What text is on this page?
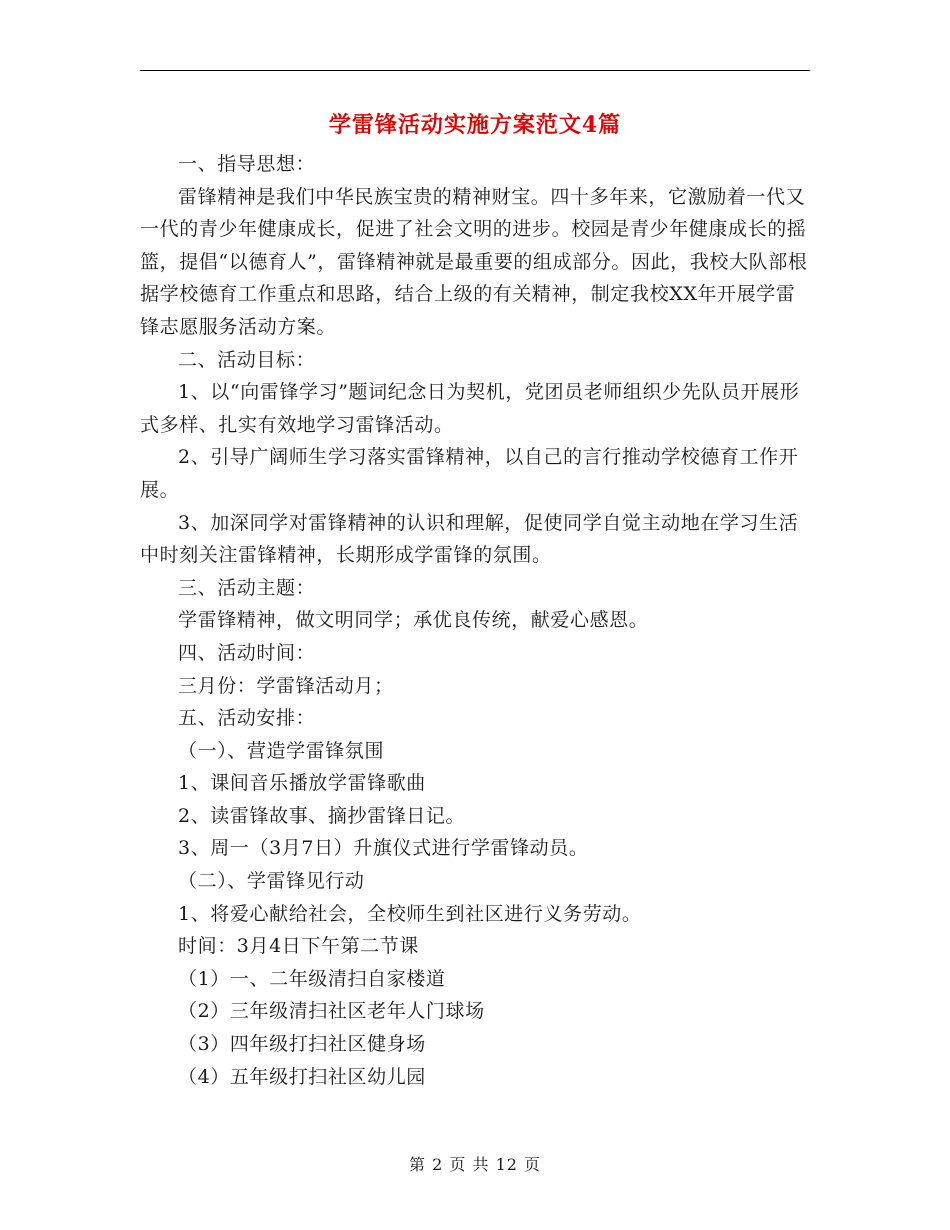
学雷锋活动实施方案范文4篇

一、指导思想：

雷锋精神是我们中华民族宝贵的精神财宝。四十多年来，它激励着一代又一代的青少年健康成长，促进了社会文明的进步。校园是青少年健康成长的摇篮，提倡“以德育人”，雷锋精神就是最重要的组成部分。因此，我校大队部根据学校德育工作重点和思路，结合上级的有关精神，制定我校XX年开展学雷锋志愿服务活动方案。

二、活动目标：

1、以“向雷锋学习”题词纪念日为契机，党团员老师组织少先队员开展形式多样、扎实有效地学习雷锋活动。

2、引导广阔师生学习落实雷锋精神，以自己的言行推动学校德育工作开展。

3、加深同学对雷锋精神的认识和理解，促使同学自觉主动地在学习生活中时刻关注雷锋精神，长期形成学雷锋的氛围。

三、活动主题：

学雷锋精神，做文明同学；承优良传统，献爱心感恩。

四、活动时间：

三月份：学雷锋活动月；

五、活动安排：

（一）、营造学雷锋氛围

1、课间音乐播放学雷锋歌曲

2、读雷锋故事、摘抄雷锋日记。

3、周一（3月7日）升旗仪式进行学雷锋动员。

（二）、学雷锋见行动

1、将爱心献给社会，全校师生到社区进行义务劳动。

时间：3月4日下午第二节课

（1）一、二年级清扫自家楼道

（2）三年级清扫社区老年人门球场

（3）四年级打扫社区健身场

（4）五年级打扫社区幼儿园

第 2 页 共 12 页
